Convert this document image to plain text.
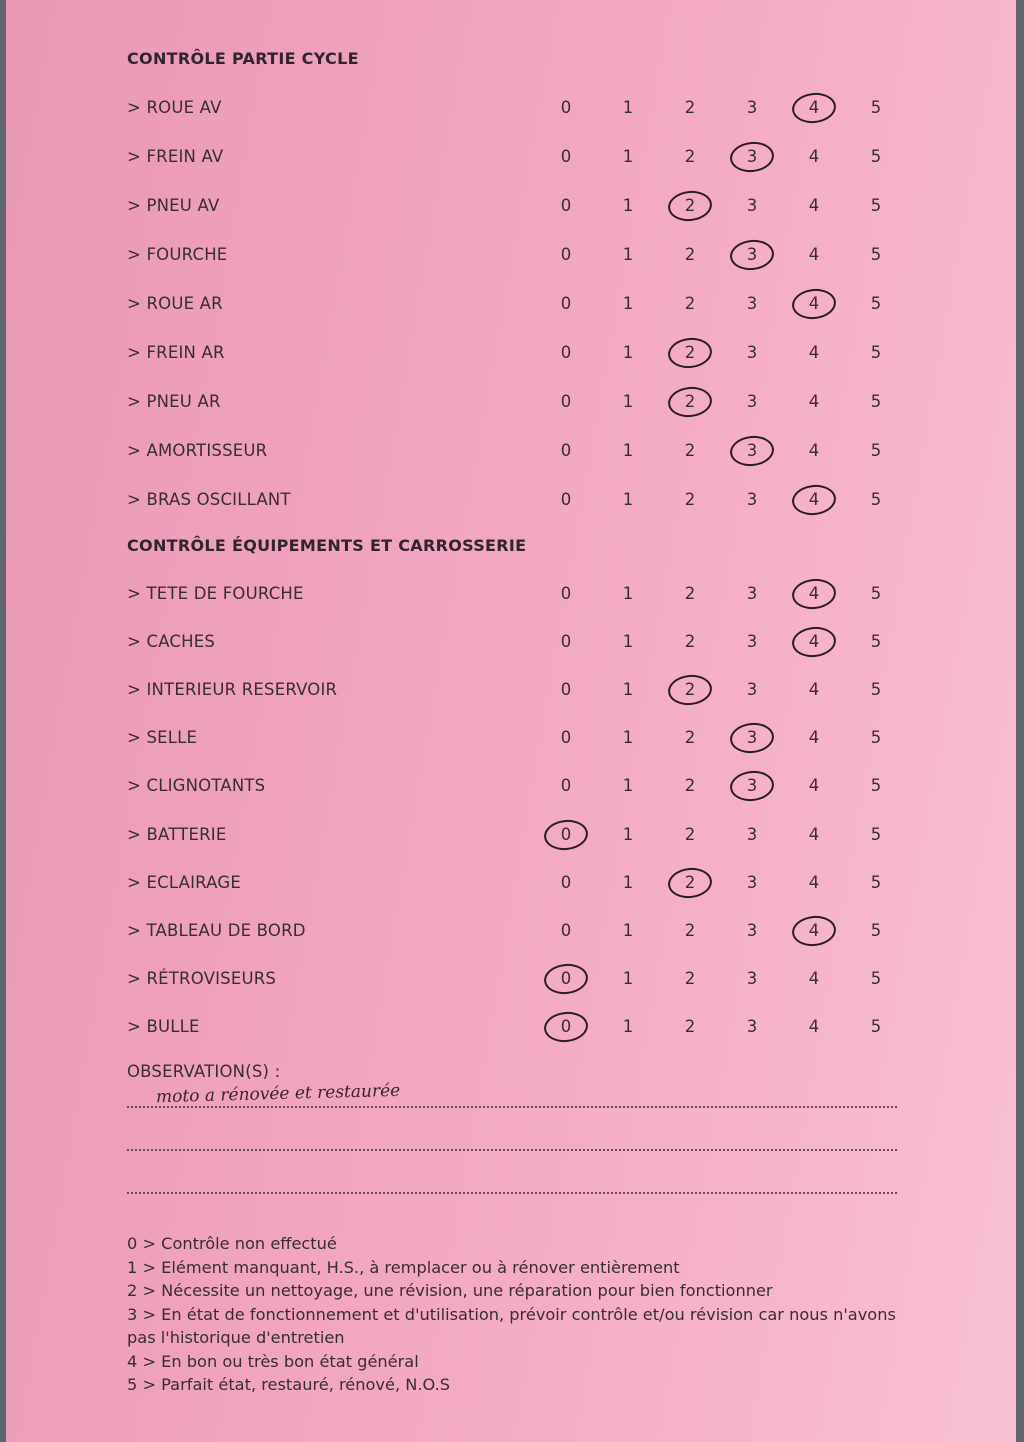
CONTRÔLE PARTIE CYCLE
> ROUE AV	0	1	2	3	4	5
> FREIN AV	0	1	2	3	4	5
> PNEU AV	0	1	2	3	4	5
> FOURCHE	0	1	2	3	4	5
> ROUE AR	0	1	2	3	4	5
> FREIN AR	0	1	2	3	4	5
> PNEU AR	0	1	2	3	4	5
> AMORTISSEUR	0	1	2	3	4	5
> BRAS OSCILLANT	0	1	2	3	4	5
CONTRÔLE ÉQUIPEMENTS ET CARROSSERIE
> TETE DE FOURCHE	0	1	2	3	4	5
> CACHES	0	1	2	3	4	5
> INTERIEUR RESERVOIR	0	1	2	3	4	5
> SELLE	0	1	2	3	4	5
> CLIGNOTANTS	0	1	2	3	4	5
> BATTERIE	0	1	2	3	4	5
> ECLAIRAGE	0	1	2	3	4	5
> TABLEAU DE BORD	0	1	2	3	4	5
> RÉTROVISEURS	0	1	2	3	4	5
> BULLE	0	1	2	3	4	5
OBSERVATION(S) :
moto a rénovée et restaurée
0 > Contrôle non effectué
1 > Elément manquant, H.S., à remplacer ou à rénover entièrement
2 > Nécessite un nettoyage, une révision, une réparation pour bien fonctionner
3 > En état de fonctionnement et d'utilisation, prévoir contrôle et/ou révision car nous n'avons pas l'historique d'entretien
4 > En bon ou très bon état général
5 > Parfait état, restauré, rénové, N.O.S
